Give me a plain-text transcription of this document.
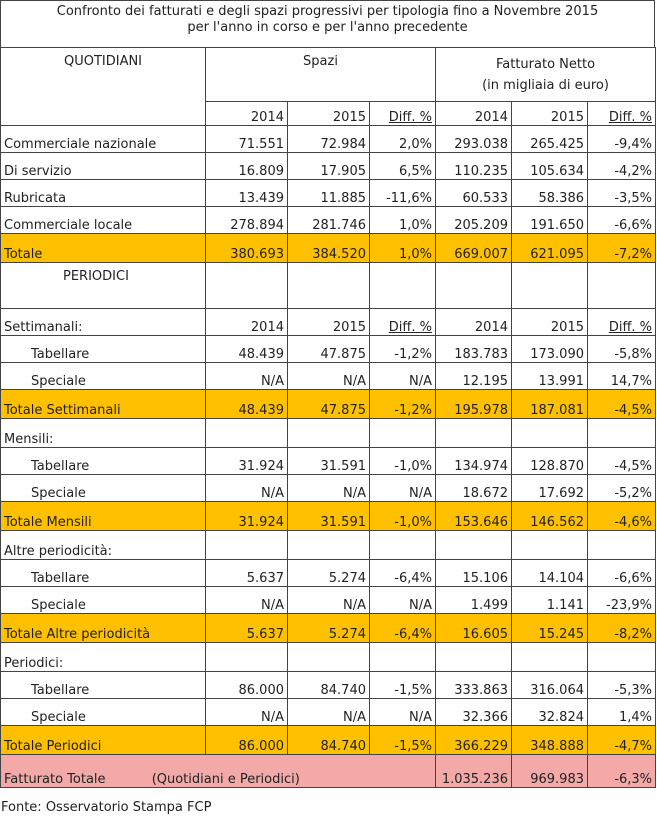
Confronto dei fatturati e degli spazi progressivi per tipologia fino a Novembre 2015
per l'anno in corso e per l'anno precedente
QUOTIDIANI	Spazi			Fatturato Netto
(in migliaia di euro)		

	2014	2015	Diff. %	2014	2015	Diff. %
Commerciale nazionale	71.551	72.984	2,0%	293.038	265.425	-9,4%
Di servizio	16.809	17.905	6,5%	110.235	105.634	-4,2%
Rubricata	13.439	11.885	-11,6%	60.533	58.386	-3,5%
Commerciale locale	278.894	281.746	1,0%	205.209	191.650	-6,6%
Totale	380.693	384.520	1,0%	669.007	621.095	-7,2%
PERIODICI						
Settimanali:	2014	2015	Diff. %	2014	2015	Diff. %
Tabellare	48.439	47.875	-1,2%	183.783	173.090	-5,8%
Speciale	N/A	N/A	N/A	12.195	13.991	14,7%
Totale Settimanali	48.439	47.875	-1,2%	195.978	187.081	-4,5%
Mensili:						
Tabellare	31.924	31.591	-1,0%	134.974	128.870	-4,5%
Speciale	N/A	N/A	N/A	18.672	17.692	-5,2%
Totale Mensili	31.924	31.591	-1,0%	153.646	146.562	-4,6%
Altre periodicità:						
Tabellare	5.637	5.274	-6,4%	15.106	14.104	-6,6%
Speciale	N/A	N/A	N/A	1.499	1.141	-23,9%
Totale Altre periodicità	5.637	5.274	-6,4%	16.605	15.245	-8,2%
Periodici:						
Tabellare	86.000	84.740	-1,5%	333.863	316.064	-5,3%
Speciale	N/A	N/A	N/A	32.366	32.824	1,4%
Totale Periodici	86.000	84.740	-1,5%	366.229	348.888	-4,7%
Fatturato Totale (Quotidiani e Periodici)				1.035.236	969.983	-6,3%
Fonte: Osservatorio Stampa FCP
